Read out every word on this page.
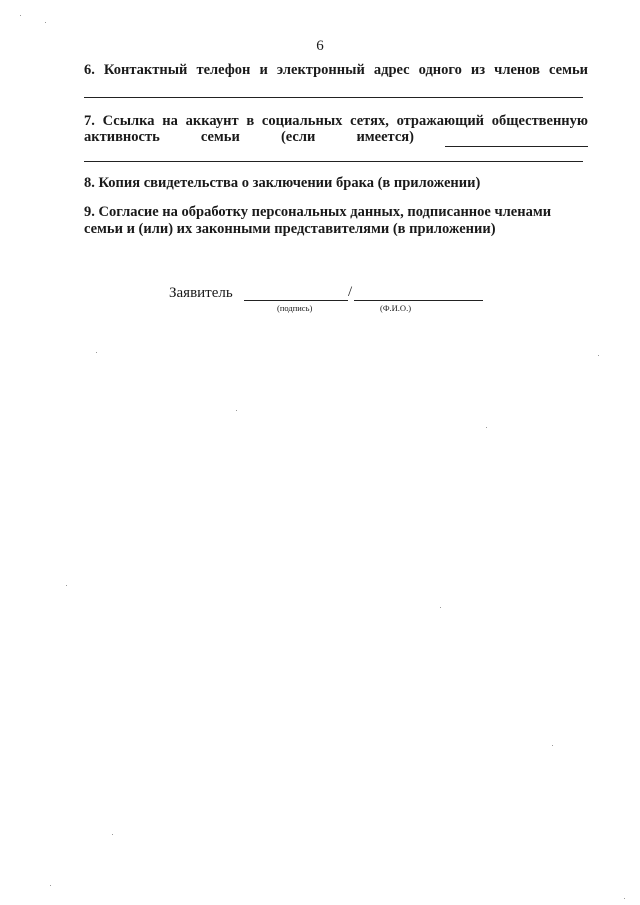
6
6. Контактный телефон и электронный адрес одного из членов семьи
7. Ссылка на аккаунт в социальных сетях, отражающий общественную
активность	семьи	(если	имеется)
8. Копия свидетельства о заключении брака (в приложении)
9. Согласие на обработку персональных данных, подписанное членами семьи и (или) их законными представителями (в приложении)
Заявитель	/
(подпись)	(Ф.И.О.)
